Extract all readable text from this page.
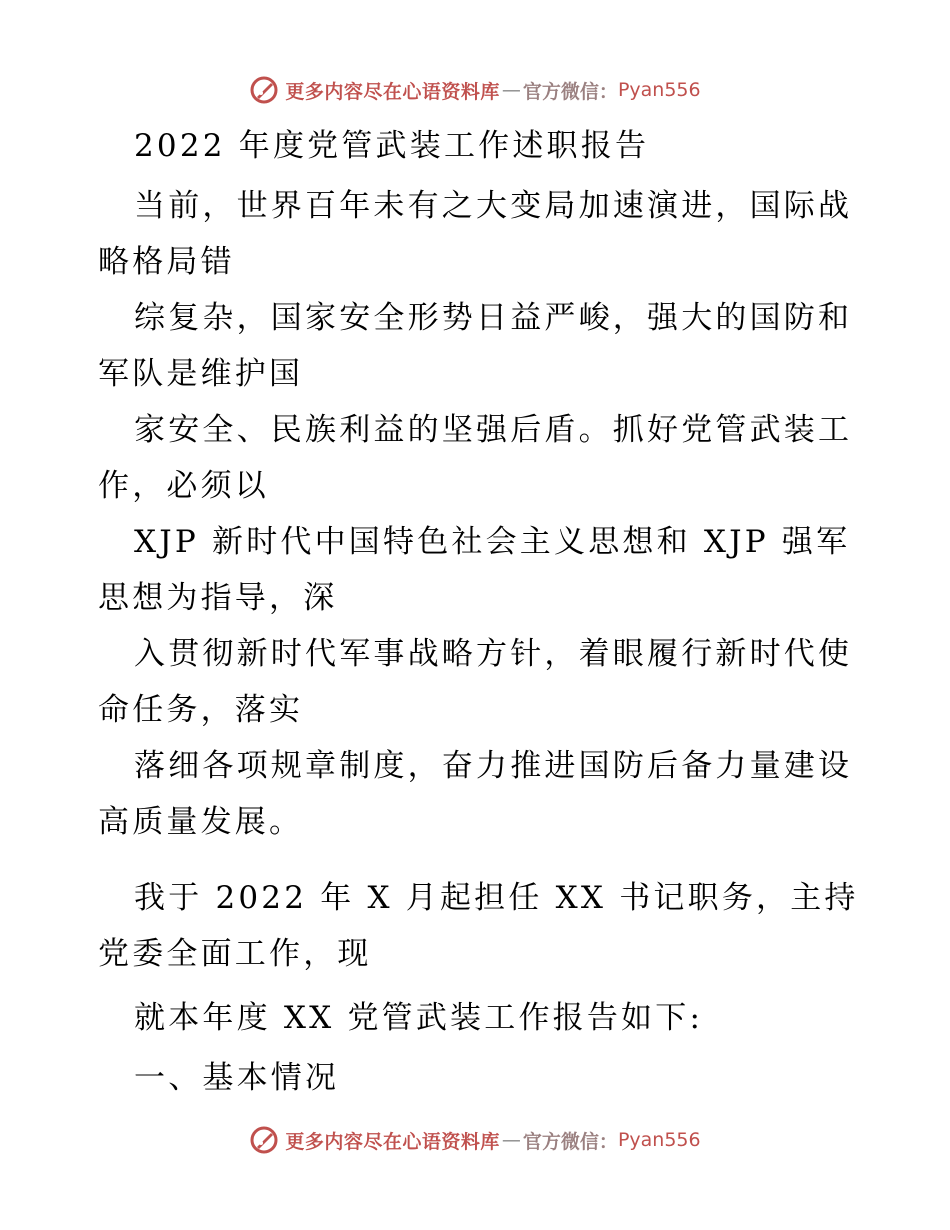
更多内容尽在心语资料库 — 官方微信： Pyan556
2022 年度党管武装工作述职报告
当前，世界百年未有之大变局加速演进，国际战
略格局错
综复杂，国家安全形势日益严峻，强大的国防和
军队是维护国
家安全、民族利益的坚强后盾。抓好党管武装工
作，必须以
XJP 新时代中国特色社会主义思想和 XJP 强军
思想为指导，深
入贯彻新时代军事战略方针，着眼履行新时代使
命任务，落实
落细各项规章制度，奋力推进国防后备力量建设
高质量发展。
我于 2022 年 X 月起担任 XX 书记职务，主持
党委全面工作，现
就本年度 XX 党管武装工作报告如下:
一、基本情况
更多内容尽在心语资料库 — 官方微信： Pyan556
